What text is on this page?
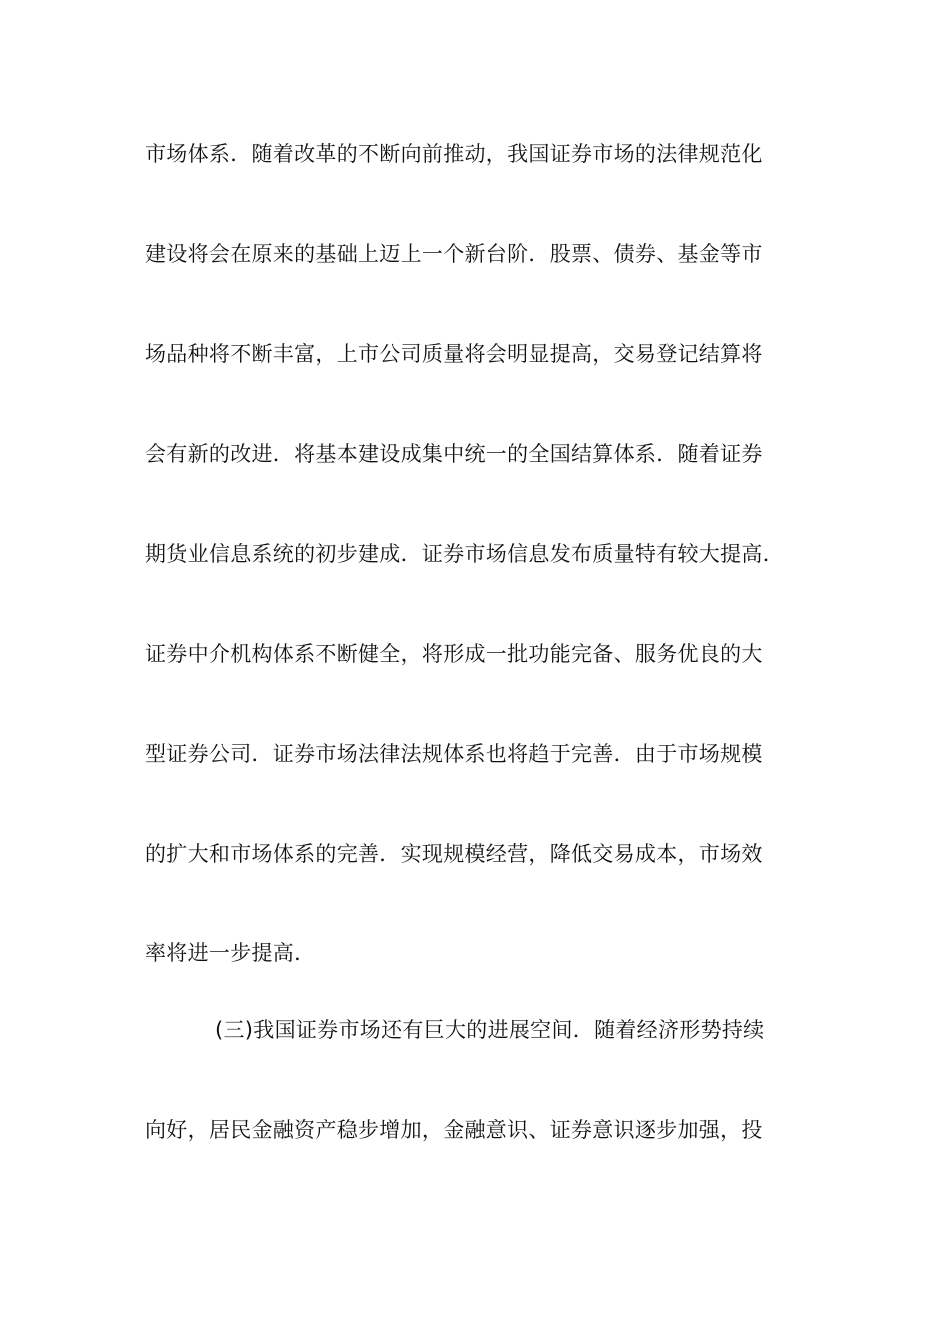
市场体系．随着改革的不断向前推动，我国证券市场的法律规范化
建设将会在原来的基础上迈上一个新台阶．股票、债券、基金等市
场品种将不断丰富，上市公司质量将会明显提高，交易登记结算将
会有新的改进．将基本建设成集中统一的全国结算体系．随着证券
期货业信息系统的初步建成．证券市场信息发布质量特有较大提高．
证券中介机构体系不断健全，将形成一批功能完备、服务优良的大
型证券公司．证券市场法律法规体系也将趋于完善．由于市场规模
的扩大和市场体系的完善．实现规模经营，降低交易成本，市场效
率将进一步提高．
(三)我国证券市场还有巨大的进展空间．随着经济形势持续
向好，居民金融资产稳步增加，金融意识、证券意识逐步加强，投
